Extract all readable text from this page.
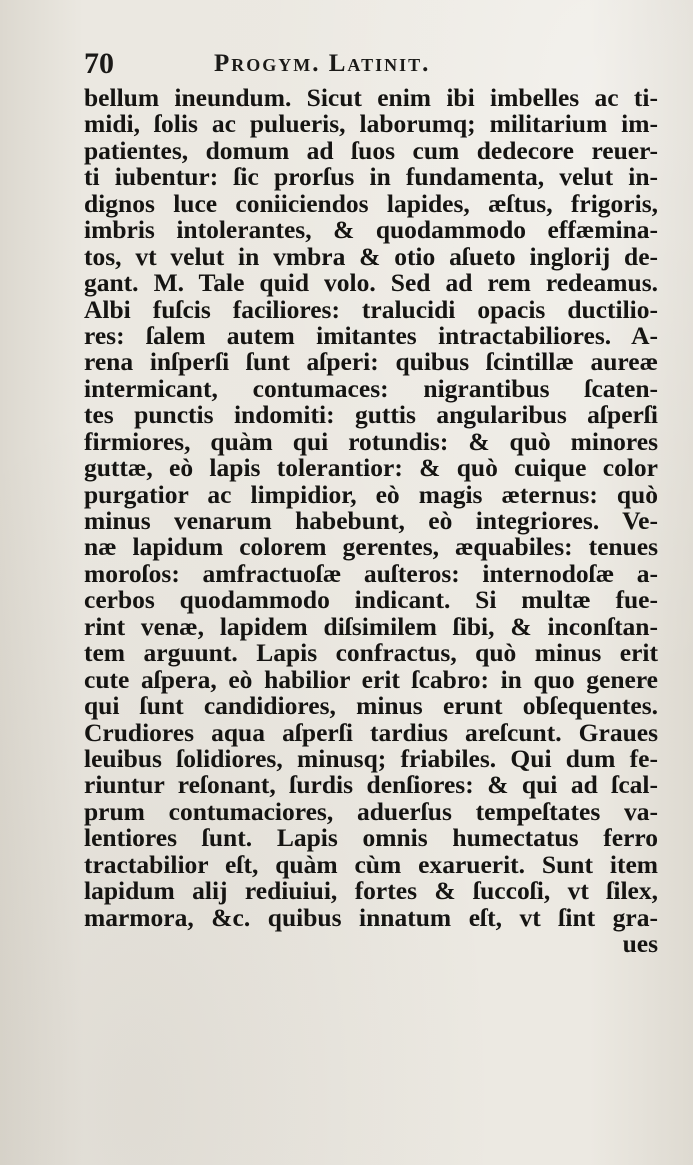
70	Progym. Latinit.
bellum ineundum. Sicut enim ibi imbelles ac ti-
midi, ſolis ac pulueris, laborumq; militarium im-
patientes, domum ad ſuos cum dedecore reuer-
ti iubentur: ſic prorſus in fundamenta, velut in-
dignos luce coniiciendos lapides, æſtus, frigoris,
imbris intolerantes, & quodammodo effæmina-
tos, vt velut in vmbra & otio aſueto inglorij de-
gant. M. Tale quid volo. Sed ad rem redeamus.
Albi fuſcis faciliores: tralucidi opacis ductilio-
res: ſalem autem imitantes intractabiliores. A-
rena inſperſi ſunt aſperi: quibus ſcintillæ aureæ
intermicant, contumaces: nigrantibus ſcaten-
tes punctis indomiti: guttis angularibus aſperſi
firmiores, quàm qui rotundis: & quò minores
guttæ, eò lapis tolerantior: & quò cuique color
purgatior ac limpidior, eò magis æternus: quò
minus venarum habebunt, eò integriores. Ve-
næ lapidum colorem gerentes, æquabiles: tenues
moroſos: amfractuoſæ auſteros: internodoſæ a-
cerbos quodammodo indicant. Si multæ fue-
rint venæ, lapidem diſsimilem ſibi, & inconſtan-
tem arguunt. Lapis confractus, quò minus erit
cute aſpera, eò habilior erit ſcabro: in quo genere
qui ſunt candidiores, minus erunt obſequentes.
Crudiores aqua aſperſi tardius areſcunt. Graues
leuibus ſolidiores, minusq; friabiles. Qui dum fe-
riuntur reſonant, ſurdis denſiores: & qui ad ſcal-
prum contumaciores, aduerſus tempeſtates va-
lentiores ſunt. Lapis omnis humectatus ferro
tractabilior eſt, quàm cùm exaruerit. Sunt item
lapidum alij rediuiui, fortes & ſuccoſi, vt ſilex,
marmora, &c. quibus innatum eſt, vt ſint gra-
ues
